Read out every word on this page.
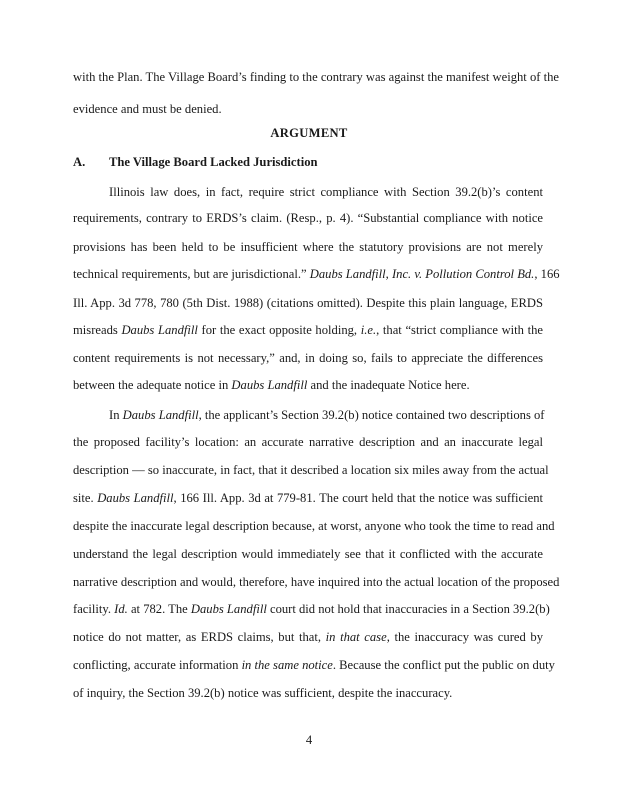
with the Plan. The Village Board’s finding to the contrary was against the manifest weight of the
evidence and must be denied.
ARGUMENT
A. The Village Board Lacked Jurisdiction
Illinois law does, in fact, require strict compliance with Section 39.2(b)’s content
requirements, contrary to ERDS’s claim. (Resp., p. 4). “Substantial compliance with notice
provisions has been held to be insufficient where the statutory provisions are not merely
technical requirements, but are jurisdictional.” Daubs Landfill, Inc. v. Pollution Control Bd., 166
Ill. App. 3d 778, 780 (5th Dist. 1988) (citations omitted). Despite this plain language, ERDS
misreads Daubs Landfill for the exact opposite holding, i.e., that “strict compliance with the
content requirements is not necessary,” and, in doing so, fails to appreciate the differences
between the adequate notice in Daubs Landfill and the inadequate Notice here.
In Daubs Landfill, the applicant’s Section 39.2(b) notice contained two descriptions of
the proposed facility’s location: an accurate narrative description and an inaccurate legal
description — so inaccurate, in fact, that it described a location six miles away from the actual
site. Daubs Landfill, 166 Ill. App. 3d at 779-81. The court held that the notice was sufficient
despite the inaccurate legal description because, at worst, anyone who took the time to read and
understand the legal description would immediately see that it conflicted with the accurate
narrative description and would, therefore, have inquired into the actual location of the proposed
facility. Id. at 782. The Daubs Landfill court did not hold that inaccuracies in a Section 39.2(b)
notice do not matter, as ERDS claims, but that, in that case, the inaccuracy was cured by
conflicting, accurate information in the same notice. Because the conflict put the public on duty
of inquiry, the Section 39.2(b) notice was sufficient, despite the inaccuracy.
4
